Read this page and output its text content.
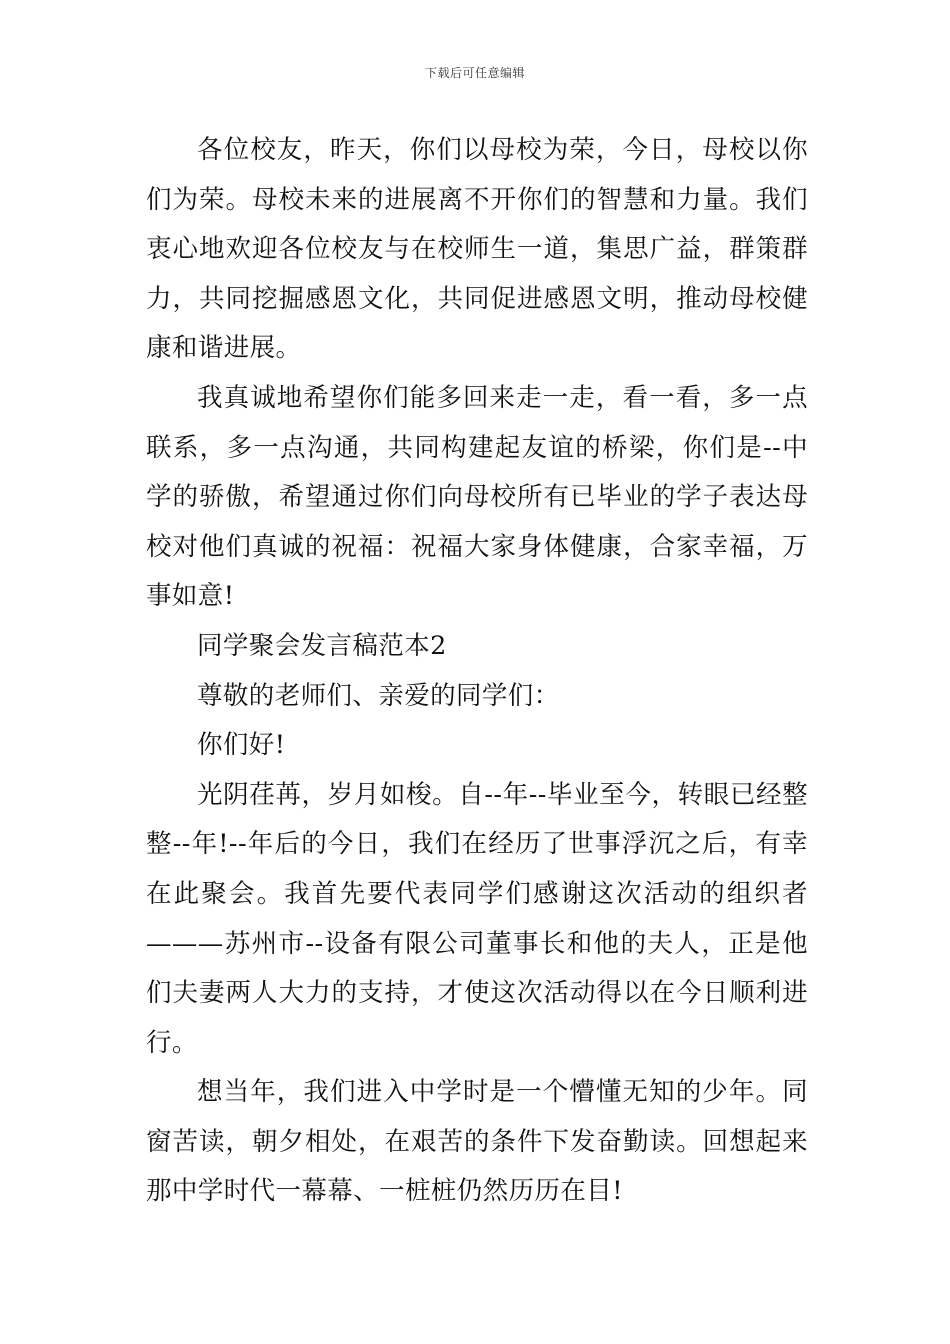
下载后可任意编辑

各位校友，昨天，你们以母校为荣，今日，母校以你们为荣。母校未来的进展离不开你们的智慧和力量。我们衷心地欢迎各位校友与在校师生一道，集思广益，群策群力，共同挖掘感恩文化，共同促进感恩文明，推动母校健康和谐进展。

我真诚地希望你们能多回来走一走，看一看，多一点联系，多一点沟通，共同构建起友谊的桥梁，你们是--中学的骄傲，希望通过你们向母校所有已毕业的学子表达母校对他们真诚的祝福：祝福大家身体健康，合家幸福，万事如意!

同学聚会发言稿范本2

尊敬的老师们、亲爱的同学们：

你们好!

光阴荏苒，岁月如梭。自--年--毕业至今，转眼已经整整--年!--年后的今日，我们在经历了世事浮沉之后，有幸在此聚会。我首先要代表同学们感谢这次活动的组织者———苏州市--设备有限公司董事长和他的夫人，正是他们夫妻两人大力的支持，才使这次活动得以在今日顺利进行。

想当年，我们进入中学时是一个懵懂无知的少年。同窗苦读，朝夕相处，在艰苦的条件下发奋勤读。回想起来那中学时代一幕幕、一桩桩仍然历历在目!
